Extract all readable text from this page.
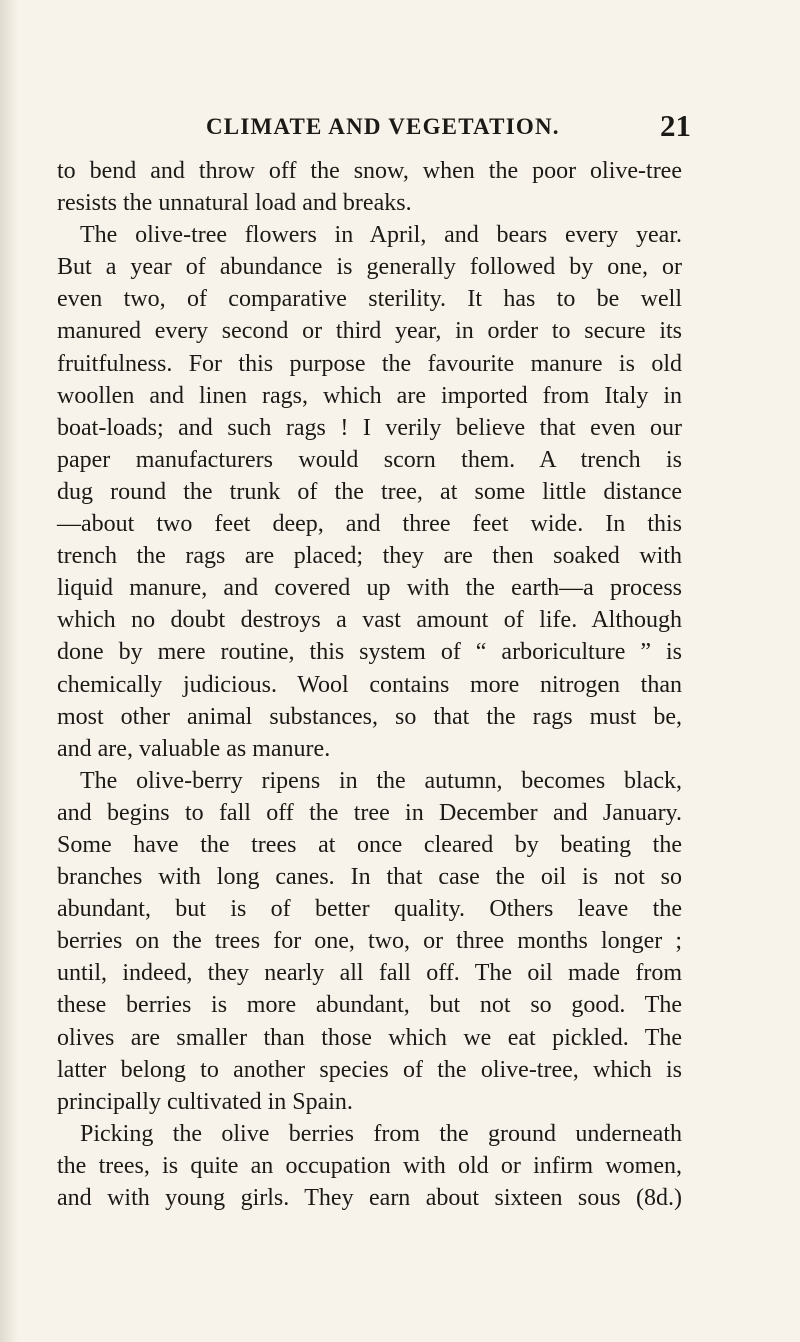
CLIMATE AND VEGETATION.	21
to bend and throw off the snow, when the poor olive-tree
resists the unnatural load and breaks.
The olive-tree flowers in April, and bears every year.
But a year of abundance is generally followed by one, or
even two, of comparative sterility. It has to be well
manured every second or third year, in order to secure its
fruitfulness. For this purpose the favourite manure is old
woollen and linen rags, which are imported from Italy in
boat-loads; and such rags ! I verily believe that even our
paper manufacturers would scorn them. A trench is
dug round the trunk of the tree, at some little distance
—about two feet deep, and three feet wide. In this
trench the rags are placed; they are then soaked with
liquid manure, and covered up with the earth—a process
which no doubt destroys a vast amount of life. Although
done by mere routine, this system of “ arboriculture ” is
chemically judicious. Wool contains more nitrogen than
most other animal substances, so that the rags must be,
and are, valuable as manure.
The olive-berry ripens in the autumn, becomes black,
and begins to fall off the tree in December and January.
Some have the trees at once cleared by beating the
branches with long canes. In that case the oil is not so
abundant, but is of better quality. Others leave the
berries on the trees for one, two, or three months longer ;
until, indeed, they nearly all fall off. The oil made from
these berries is more abundant, but not so good. The
olives are smaller than those which we eat pickled. The
latter belong to another species of the olive-tree, which is
principally cultivated in Spain.
Picking the olive berries from the ground underneath
the trees, is quite an occupation with old or infirm women,
and with young girls. They earn about sixteen sous (8d.)
